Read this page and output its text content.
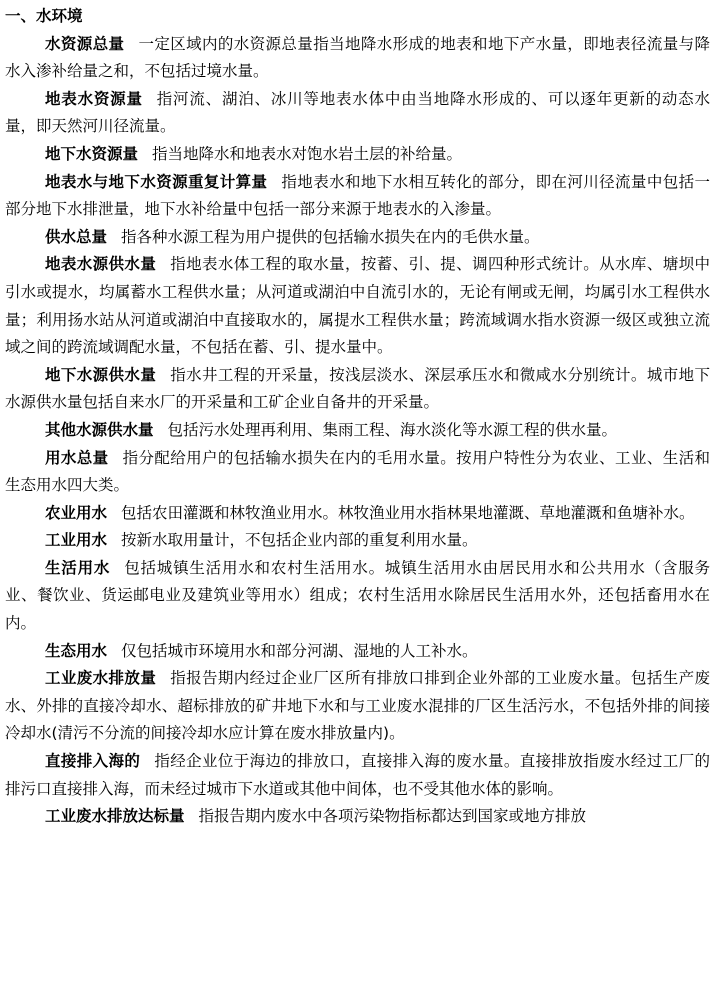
一、水环境

水资源总量 一定区域内的水资源总量指当地降水形成的地表和地下产水量，即地表径流量与降水入渗补给量之和，不包括过境水量。

地表水资源量 指河流、湖泊、冰川等地表水体中由当地降水形成的、可以逐年更新的动态水量，即天然河川径流量。

地下水资源量 指当地降水和地表水对饱水岩土层的补给量。

地表水与地下水资源重复计算量 指地表水和地下水相互转化的部分，即在河川径流量中包括一部分地下水排泄量，地下水补给量中包括一部分来源于地表水的入渗量。

供水总量 指各种水源工程为用户提供的包括输水损失在内的毛供水量。

地表水源供水量 指地表水体工程的取水量，按蓄、引、提、调四种形式统计。从水库、塘坝中引水或提水，均属蓄水工程供水量；从河道或湖泊中自流引水的，无论有闸或无闸，均属引水工程供水量；利用扬水站从河道或湖泊中直接取水的，属提水工程供水量；跨流域调水指水资源一级区或独立流域之间的跨流域调配水量，不包括在蓄、引、提水量中。

地下水源供水量 指水井工程的开采量，按浅层淡水、深层承压水和微咸水分别统计。城市地下水源供水量包括自来水厂的开采量和工矿企业自备井的开采量。

其他水源供水量 包括污水处理再利用、集雨工程、海水淡化等水源工程的供水量。

用水总量 指分配给用户的包括输水损失在内的毛用水量。按用户特性分为农业、工业、生活和生态用水四大类。

农业用水 包括农田灌溉和林牧渔业用水。林牧渔业用水指林果地灌溉、草地灌溉和鱼塘补水。

工业用水 按新水取用量计，不包括企业内部的重复利用水量。

生活用水 包括城镇生活用水和农村生活用水。城镇生活用水由居民用水和公共用水（含服务业、餐饮业、货运邮电业及建筑业等用水）组成；农村生活用水除居民生活用水外，还包括畜用水在内。

生态用水 仅包括城市环境用水和部分河湖、湿地的人工补水。

工业废水排放量 指报告期内经过企业厂区所有排放口排到企业外部的工业废水量。包括生产废水、外排的直接冷却水、超标排放的矿井地下水和与工业废水混排的厂区生活污水，不包括外排的间接冷却水(清污不分流的间接冷却水应计算在废水排放量内)。

直接排入海的 指经企业位于海边的排放口，直接排入海的废水量。直接排放指废水经过工厂的排污口直接排入海，而未经过城市下水道或其他中间体，也不受其他水体的影响。

工业废水排放达标量 指报告期内废水中各项污染物指标都达到国家或地方排放
